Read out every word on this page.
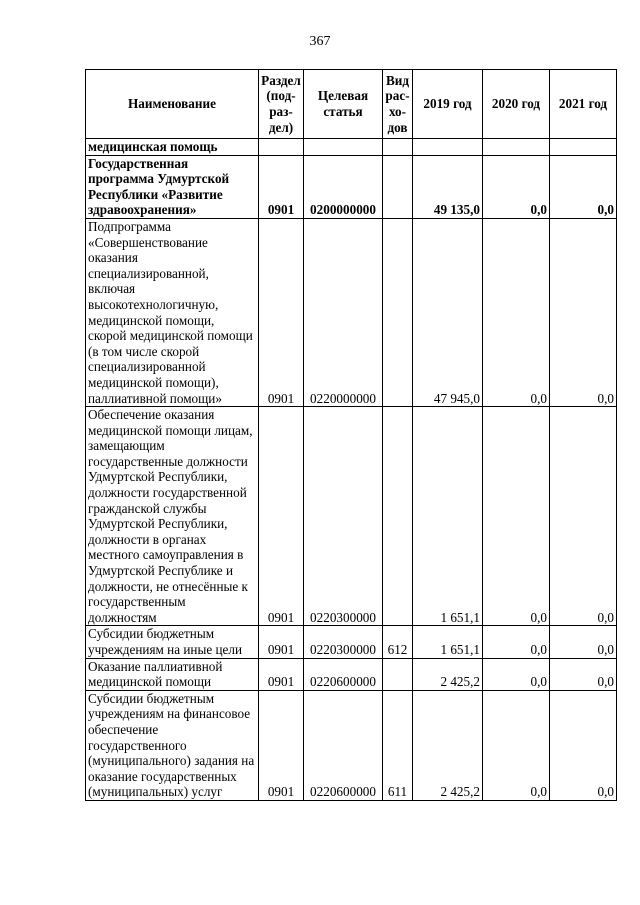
367
Наименование	Раздел (под-раз-дел)	Целевая статья	Вид рас-хо-дов	2019 год	2020 год	2021 год
медицинская помощь						
Государственная программа Удмуртской Республики «Развитие здравоохранения»	0901	0200000000		49 135,0	0,0	0,0
Подпрограмма «Совершенствование оказания специализированной, включая высокотехнологичную, медицинской помощи, скорой медицинской помощи (в том числе скорой специализированной медицинской помощи), паллиативной помощи»	0901	0220000000		47 945,0	0,0	0,0
Обеспечение оказания медицинской помощи лицам, замещающим государственные должности Удмуртской Республики, должности государственной гражданской службы Удмуртской Республики, должности в органах местного самоуправления в Удмуртской Республике и должности, не отнесённые к государственным должностям	0901	0220300000		1 651,1	0,0	0,0
Субсидии бюджетным учреждениям на иные цели	0901	0220300000	612	1 651,1	0,0	0,0
Оказание паллиативной медицинской помощи	0901	0220600000		2 425,2	0,0	0,0
Субсидии бюджетным учреждениям на финансовое обеспечение государственного (муниципального) задания на оказание государственных (муниципальных) услуг	0901	0220600000	611	2 425,2	0,0	0,0
